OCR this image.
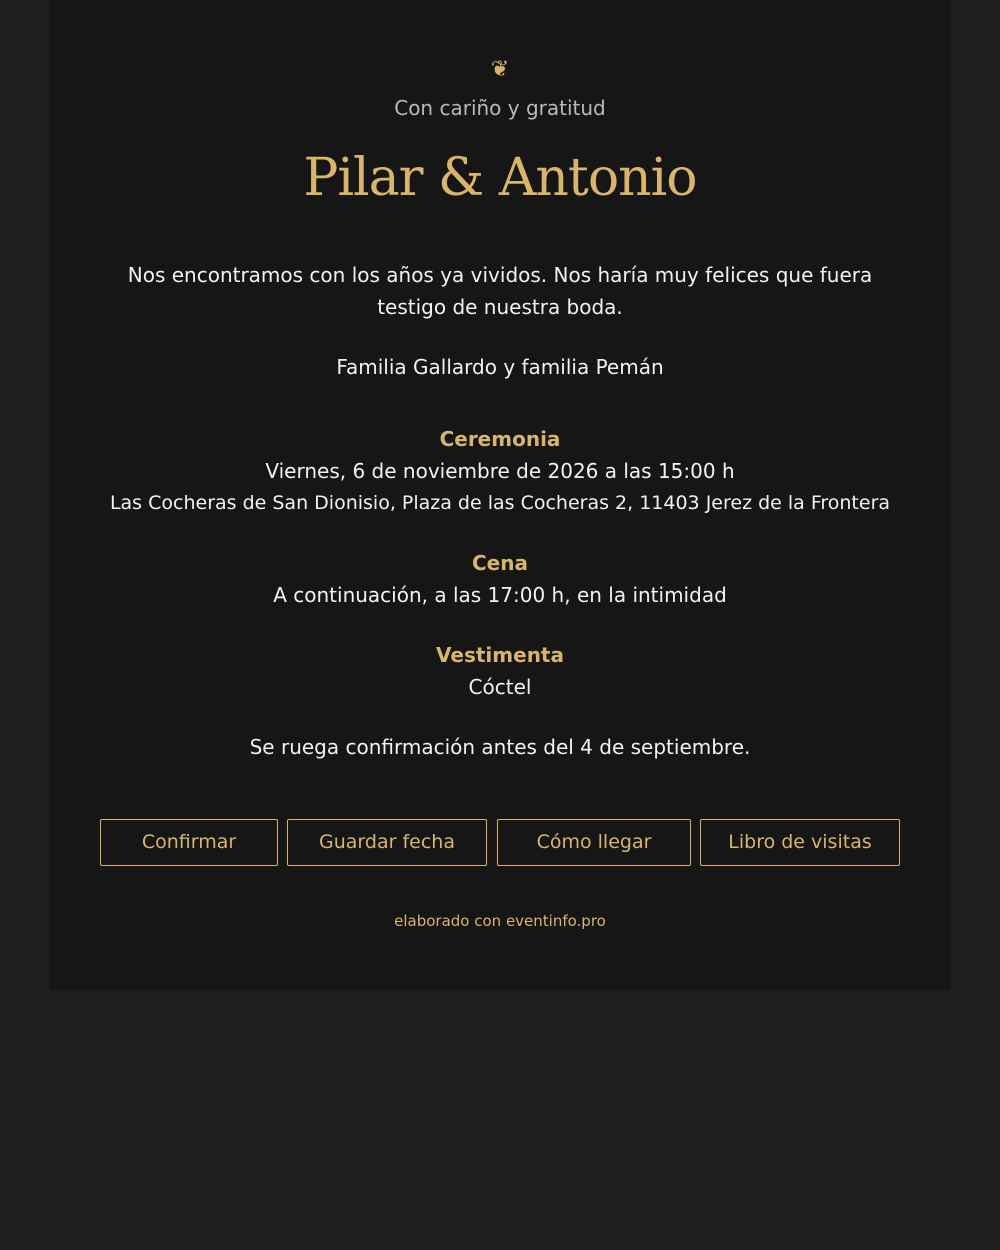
❦
Con cariño y gratitud
Pilar & Antonio
Nos encontramos con los años ya vividos. Nos haría muy felices que fuera testigo de nuestra boda.
Familia Gallardo y familia Pemán
Ceremonia
Viernes, 6 de noviembre de 2026 a las 15:00 h
Las Cocheras de San Dionisio, Plaza de las Cocheras 2, 11403 Jerez de la Frontera
Cena
A continuación, a las 17:00 h, en la intimidad
Vestimenta
Cóctel
Se ruega confirmación antes del 4 de septiembre.
Confirmar	Guardar fecha	Cómo llegar	Libro de visitas
elaborado con eventinfo.pro
